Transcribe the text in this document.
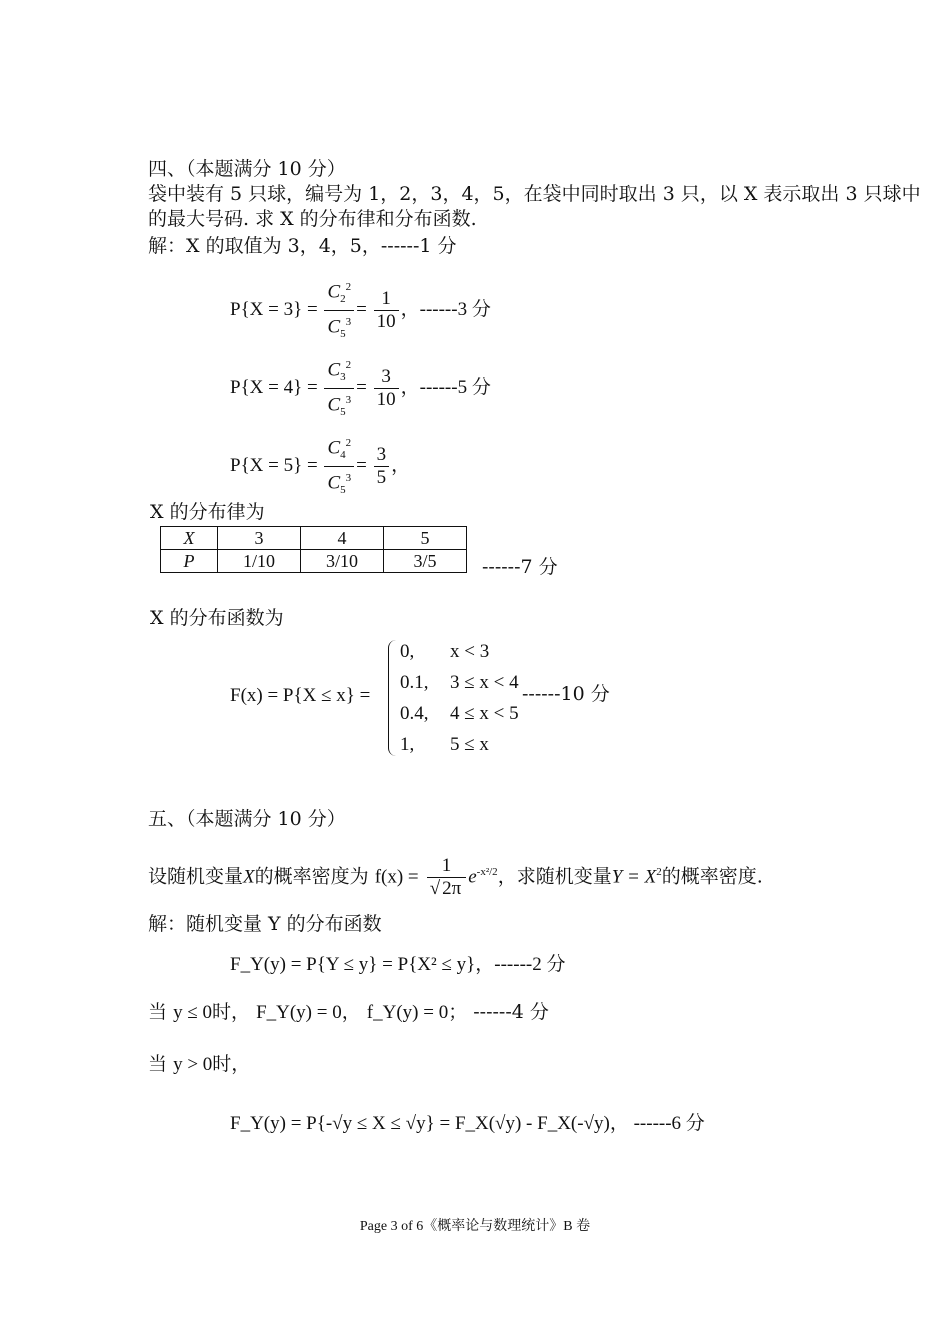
四、（本题满分 10 分）
袋中装有 5 只球，编号为 1，2，3，4，5，在袋中同时取出 3 只，以 X 表示取出 3 只球中
的最大号码. 求 X 的分布律和分布函数.
解：X 的取值为 3，4，5，------1 分
$P\{X = 3\} = \frac{C_2^2}{C_5^3} = \frac{1}{10}$ ，------3 分
$P\{X = 4\} = \frac{C_3^2}{C_5^3} = \frac{3}{10}$ ，------5 分
$P\{X = 5\} = \frac{C_4^2}{C_5^3} = \frac{3}{5}$ ，
X 的分布律为
X	3	4	5
P	1/10	3/10	3/5 ------7 分
X 的分布函数为
F(x) = P{X ≤ x} =
0, x < 3
0.1, 3 ≤ x < 4
0.4, 4 ≤ x < 5
1, 5 ≤ x
------10 分
五、（本题满分 10 分）
设随机变量X的概率密度为 $f(x) = \frac{1}{√ 2\pi} e^{-x^2/2}$，求随机变量$Y = X^2$的概率密度.
解：随机变量 Y 的分布函数
F_Y(y) = P{Y ≤ y} = P{X² ≤ y}，------2 分
当 y ≤ 0时， F_Y(y) = 0， f_Y(y) = 0； ------4 分
当 y > 0时，
F_Y(y) = P{-√y ≤ X ≤ √y} = F_X(√y) - F_X(-√y)， ------6 分
Page 3 of 6《概率论与数理统计》B 卷
